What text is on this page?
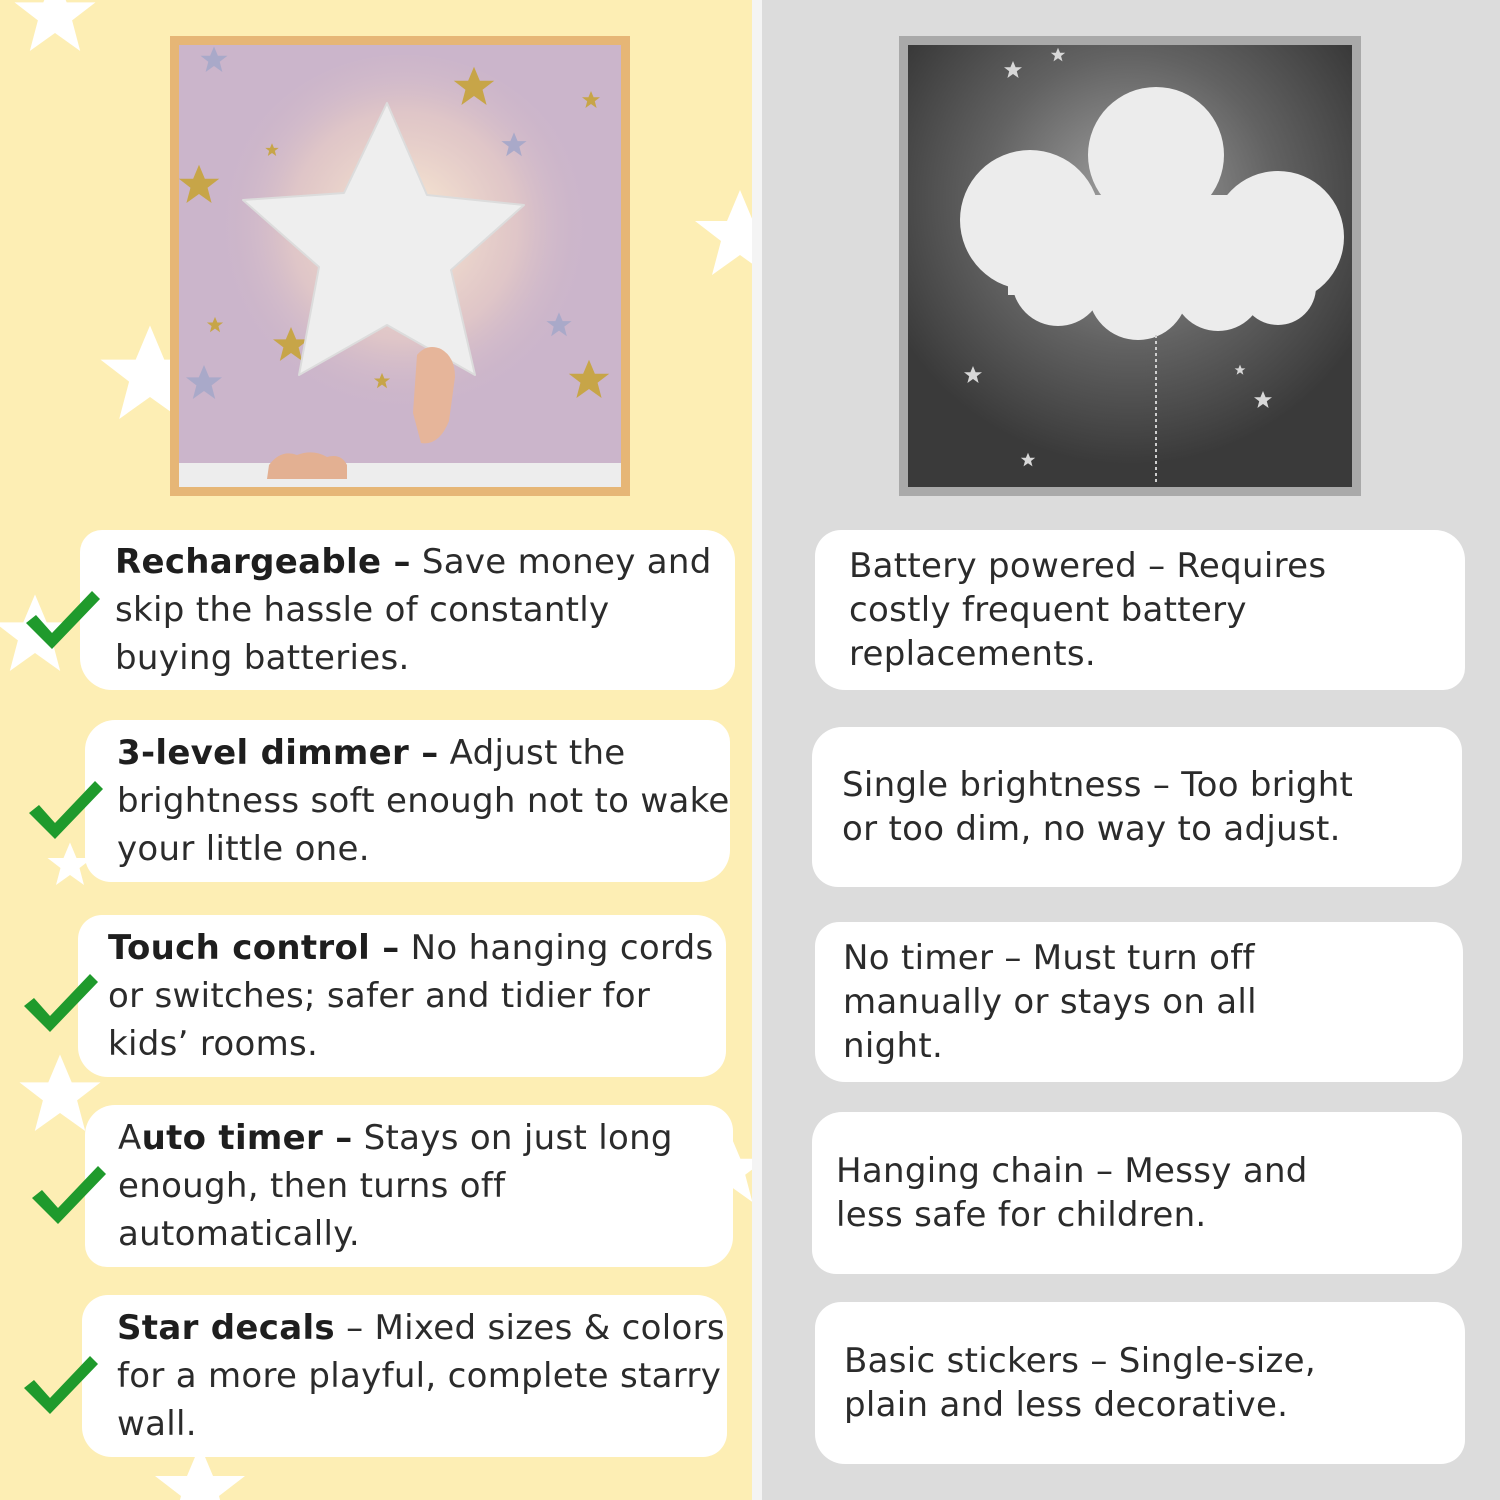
Rechargeable – Save money and skip the hassle of constantly buying batteries.
3-level dimmer – Adjust the brightness soft enough not to wake your little one.
Touch control – No hanging cords or switches; safer and tidier for kids’ rooms.
Auto timer – Stays on just long enough, then turns off automatically.
Star decals – Mixed sizes & colors for a more playful, complete starry wall.
Battery powered – Requires costly frequent battery replacements.
Single brightness – Too bright or too dim, no way to adjust.
No timer – Must turn off manually or stays on all night.
Hanging chain – Messy and less safe for children.
Basic stickers – Single-size, plain and less decorative.
